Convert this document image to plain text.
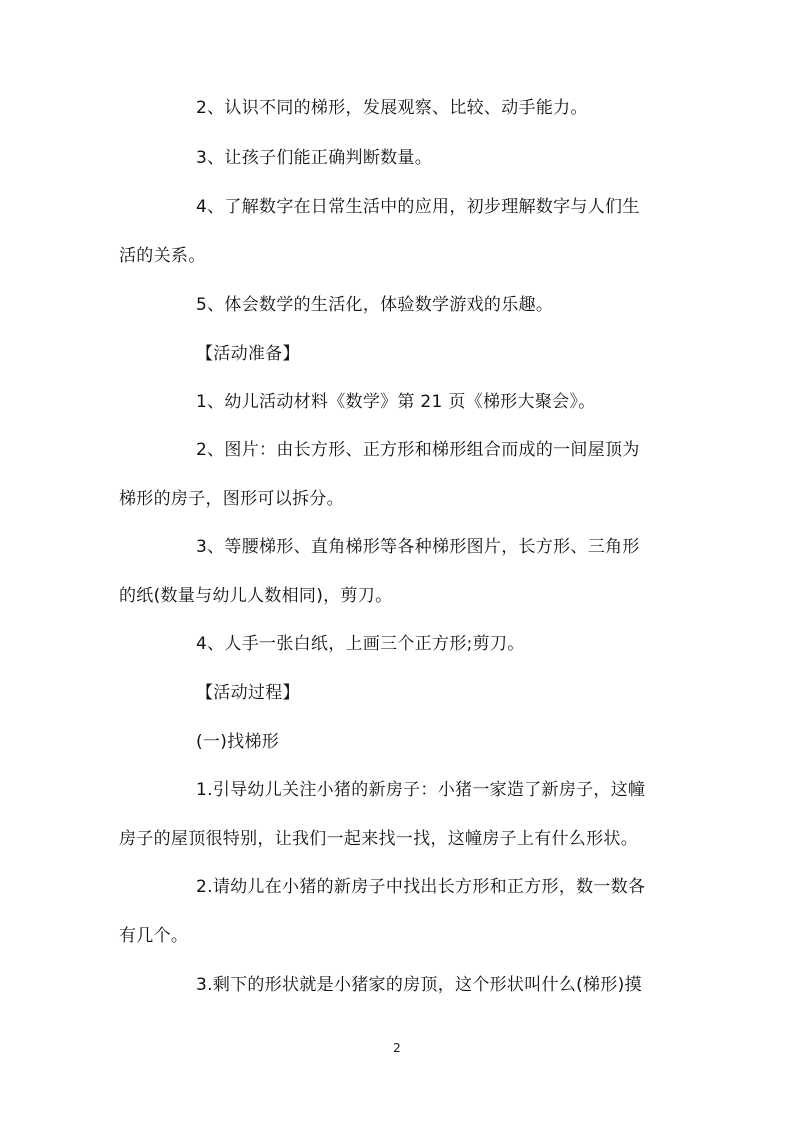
2、认识不同的梯形，发展观察、比较、动手能力。
3、让孩子们能正确判断数量。
4、了解数字在日常生活中的应用，初步理解数字与人们生
活的关系。
5、体会数学的生活化，体验数学游戏的乐趣。
【活动准备】
1、幼儿活动材料《数学》第 21 页《梯形大聚会》。
2、图片：由长方形、正方形和梯形组合而成的一间屋顶为
梯形的房子，图形可以拆分。
3、等腰梯形、直角梯形等各种梯形图片，长方形、三角形
的纸(数量与幼儿人数相同)，剪刀。
4、人手一张白纸，上画三个正方形;剪刀。
【活动过程】
(一)找梯形
1.引导幼儿关注小猪的新房子：小猪一家造了新房子，这幢
房子的屋顶很特别，让我们一起来找一找，这幢房子上有什么形状。
2.请幼儿在小猪的新房子中找出长方形和正方形，数一数各
有几个。
3.剩下的形状就是小猪家的房顶，这个形状叫什么(梯形)摸
2
